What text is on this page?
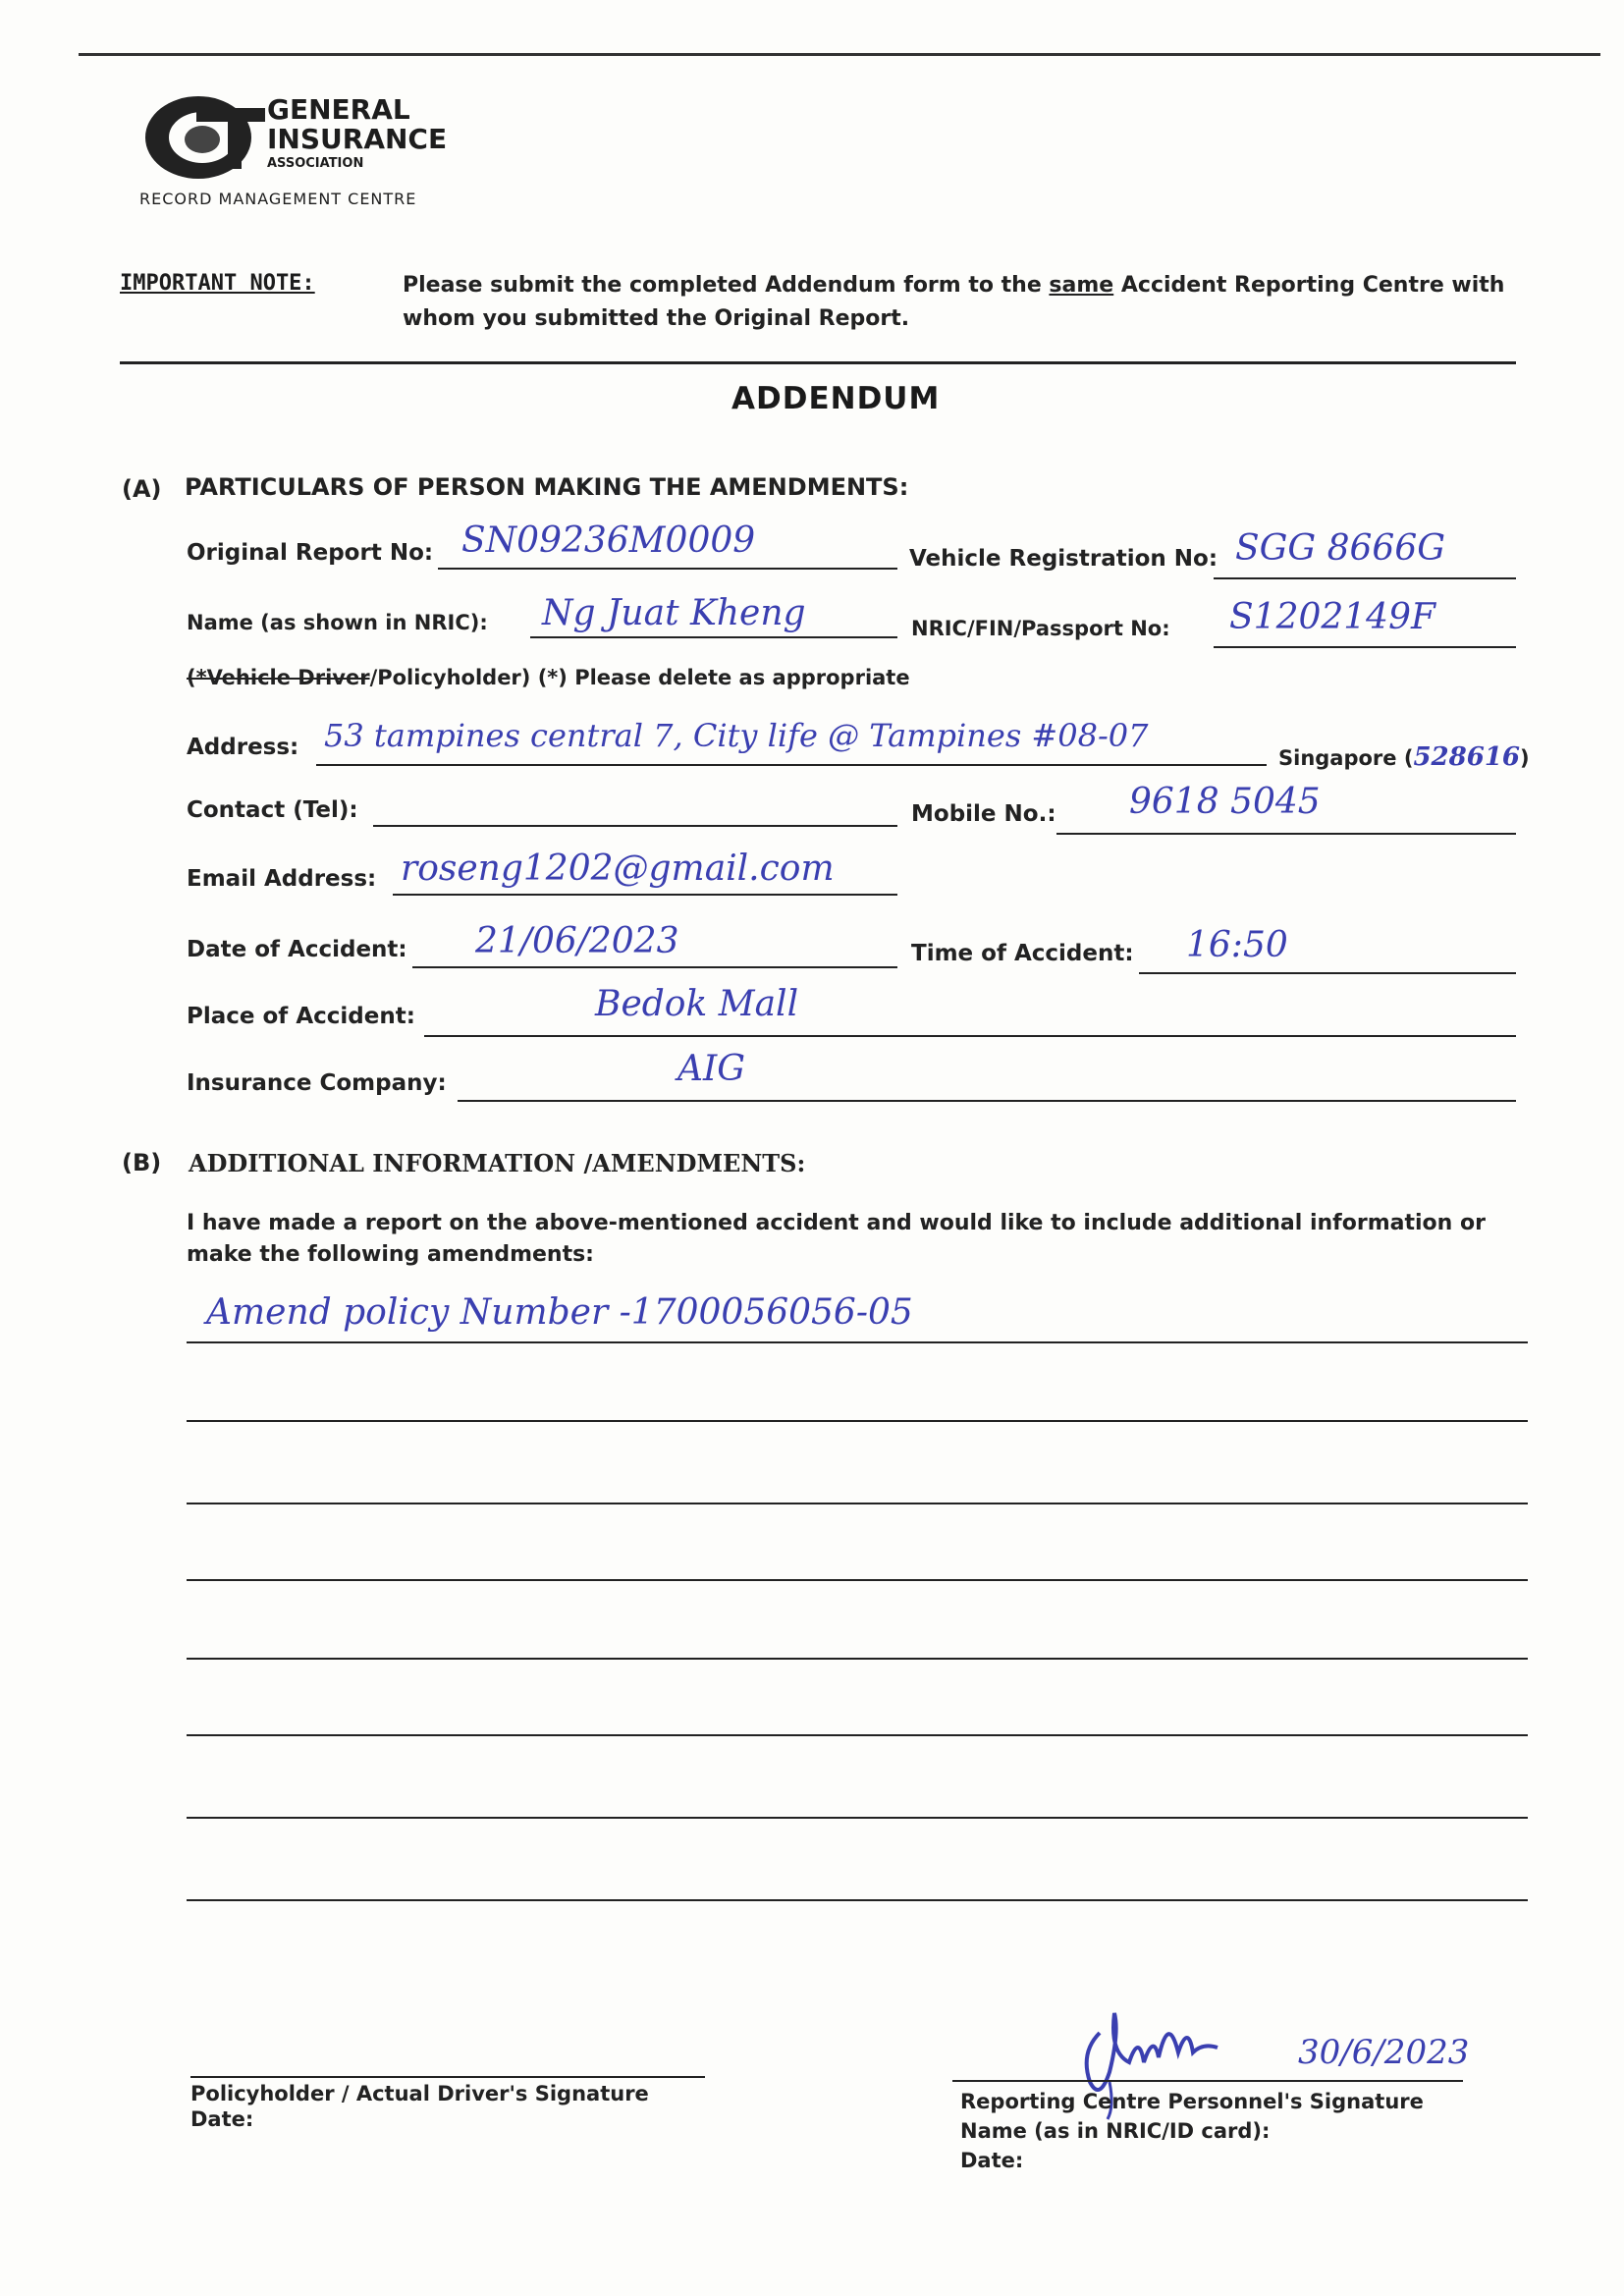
GENERAL
INSURANCE
ASSOCIATION
RECORD MANAGEMENT CENTRE
IMPORTANT NOTE:	Please submit the completed Addendum form to the same Accident Reporting Centre with whom you submitted the Original Report.
ADDENDUM
(A) PARTICULARS OF PERSON MAKING THE AMENDMENTS:
Original Report No: SN09236M0009	Vehicle Registration No: SGG 8666G
Name (as shown in NRIC): Ng Juat Kheng	NRIC/FIN/Passport No: S1202149F
(*Vehicle Driver/Policyholder) (*) Please delete as appropriate
Address: 53 tampines central 7, City life @ Tampines #08-07
Singapore (528616)
Contact (Tel):	Mobile No.: 9618 5045
Email Address: roseng1202@gmail.com
Date of Accident: 21/06/2023	Time of Accident: 16:50
Place of Accident:	Bedok Mall
Insurance Company:	AIG
(B) ADDITIONAL INFORMATION /AMENDMENTS:
I have made a report on the above-mentioned accident and would like to include additional information or make the following amendments:
Amend policy Number -1700056056-05
Policyholder / Actual Driver's Signature
Date:
30/6/2023
Reporting Centre Personnel's Signature
Name (as in NRIC/ID card):
Date:
